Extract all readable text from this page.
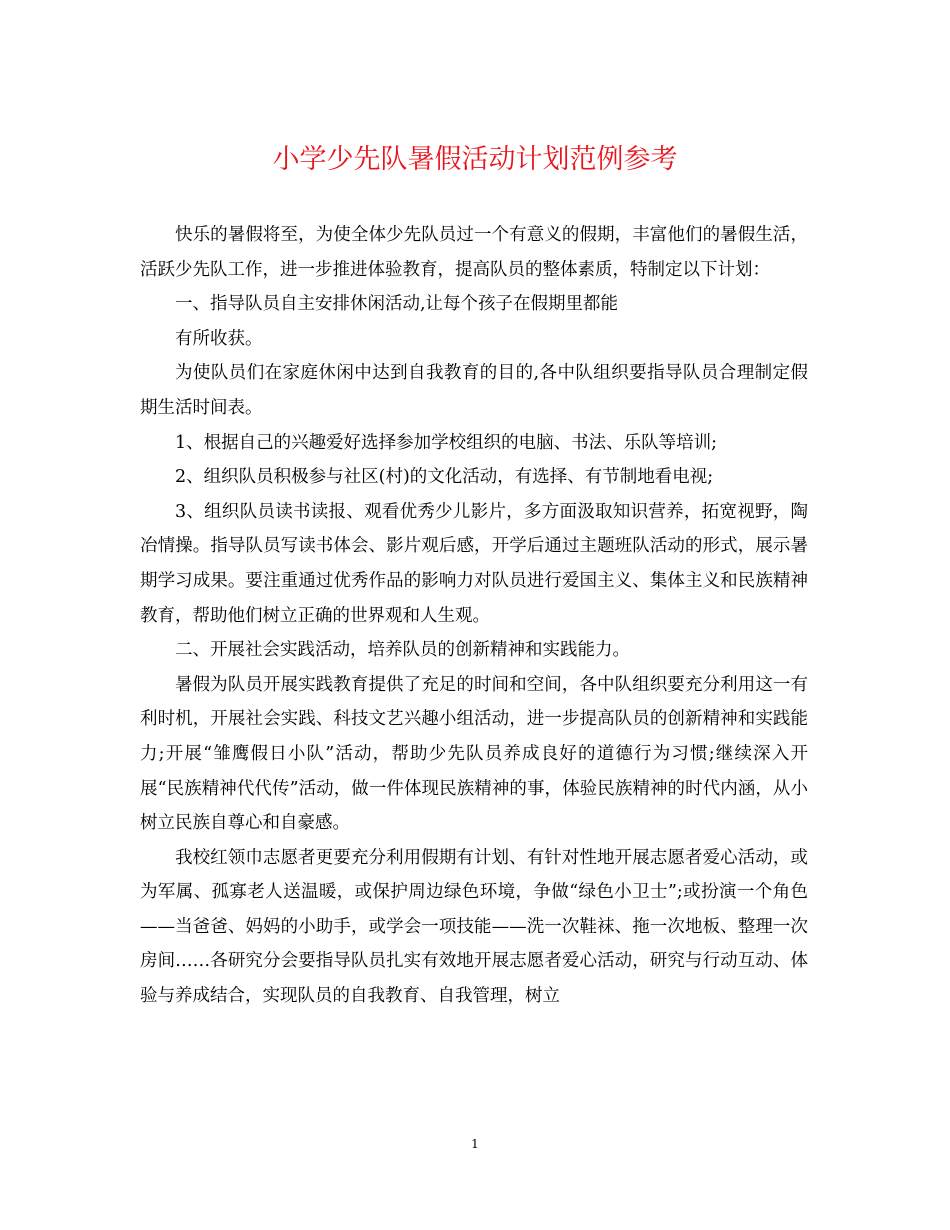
小学少先队暑假活动计划范例参考

快乐的暑假将至，为使全体少先队员过一个有意义的假期，丰富他们的暑假生活，活跃少先队工作，进一步推进体验教育，提高队员的整体素质，特制定以下计划：

一、指导队员自主安排休闲活动,让每个孩子在假期里都能

有所收获。

为使队员们在家庭休闲中达到自我教育的目的,各中队组织要指导队员合理制定假期生活时间表。

1、根据自己的兴趣爱好选择参加学校组织的电脑、书法、乐队等培训;

2、组织队员积极参与社区(村)的文化活动，有选择、有节制地看电视;

3、组织队员读书读报、观看优秀少儿影片，多方面汲取知识营养，拓宽视野，陶冶情操。指导队员写读书体会、影片观后感，开学后通过主题班队活动的形式，展示暑期学习成果。要注重通过优秀作品的影响力对队员进行爱国主义、集体主义和民族精神教育，帮助他们树立正确的世界观和人生观。

二、开展社会实践活动，培养队员的创新精神和实践能力。

暑假为队员开展实践教育提供了充足的时间和空间，各中队组织要充分利用这一有利时机，开展社会实践、科技文艺兴趣小组活动，进一步提高队员的创新精神和实践能力;开展“雏鹰假日小队”活动，帮助少先队员养成良好的道德行为习惯;继续深入开展“民族精神代代传”活动，做一件体现民族精神的事，体验民族精神的时代内涵，从小树立民族自尊心和自豪感。

我校红领巾志愿者更要充分利用假期有计划、有针对性地开展志愿者爱心活动，或为军属、孤寡老人送温暖，或保护周边绿色环境，争做“绿色小卫士”;或扮演一个角色——当爸爸、妈妈的小助手，或学会一项技能——洗一次鞋袜、拖一次地板、整理一次房间……各研究分会要指导队员扎实有效地开展志愿者爱心活动，研究与行动互动、体验与养成结合，实现队员的自我教育、自我管理，树立

1
